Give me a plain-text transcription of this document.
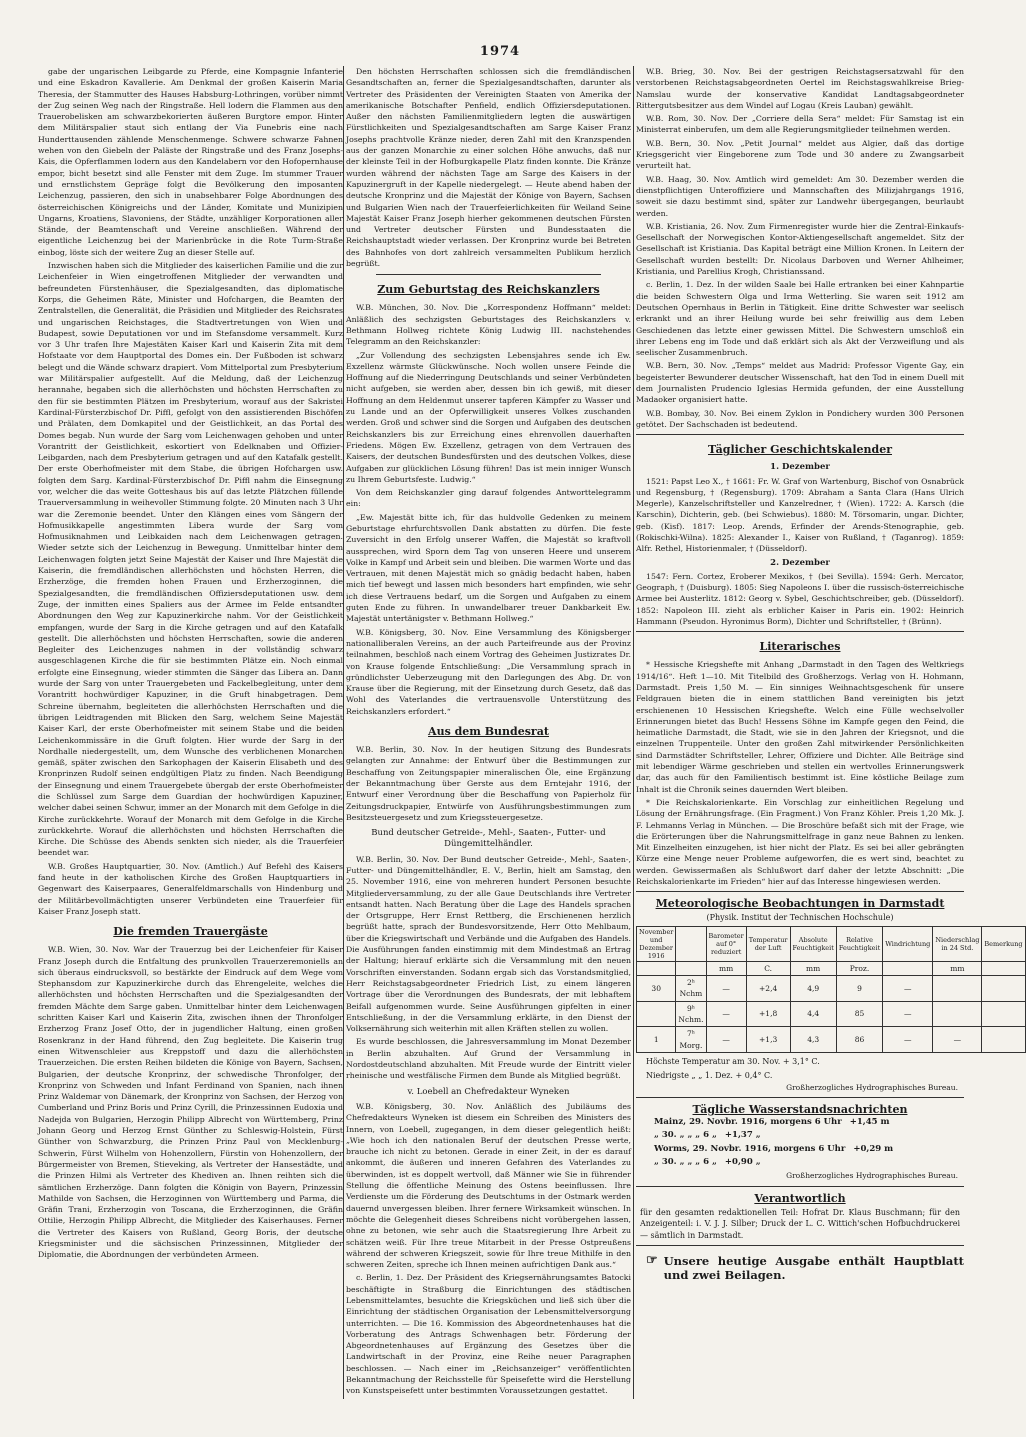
1974

gabe der ungarischen Leibgarde zu Pferde, eine Kompagnie Infanterie und eine Eskadron Kavallerie. Am Denkmal der großen Kaiserin Maria Theresia, der Stammutter des Hauses Habsburg-Lothringen, vorüber nimmt der Zug seinen Weg nach der Ringstraße. Hell lodern die Flammen aus den Trauerobelisken am schwarzbekorierten äußeren Burgtore empor. Hinter dem Militärspalier staut sich entlang der Via Funebris eine nach Hunderttausenden zählende Menschenmenge. Schwere schwarze Fahnen wehen von den Giebeln der Paläste der Ringstraße und des Franz Josephs-Kais, die Opferflammen lodern aus den Kandelabern vor den Hofopernhause empor, bicht besetzt sind alle Fenster mit dem Zuge. Im stummer Trauer und ernstlichstem Gepräge folgt die Bevölkerung den imposanten Leichenzug, passieren, den sich in unabsehbarer Folge Abordnungen des österreichischen Königreichs und der Länder, Komitate und Munizipien Ungarns, Kroatiens, Slavoniens, der Städte, unzähliger Korporationen aller Stände, der Beamtenschaft und Vereine anschließen. Während der eigentliche Leichenzug bei der Marienbrücke in die Rote Turm-Straße einbog, löste sich der weitere Zug an dieser Stelle auf.

Inzwischen haben sich die Mitglieder des kaiserlichen Familie und die zur Leichenfeier in Wien eingetroffenen Mitglieder der verwandten und befreundeten Fürstenhäuser, die Spezialgesandten, das diplomatische Korps, die Geheimen Räte, Minister und Hofchargen, die Beamten der Zentralstellen, die Generalität, die Präsidien und Mitglieder des Reichsrates und ungarischen Reichstages, die Stadtvertretungen von Wien und Budapest, sowie Deputationen vor und im Stefansdome versammelt. Kurz vor 3 Uhr trafen Ihre Majestäten Kaiser Karl und Kaiserin Zita mit dem Hofstaate vor dem Hauptportal des Domes ein. Der Fußboden ist schwarz belegt und die Wände schwarz drapiert. Vom Mittelportal zum Presbyterium war Militärspalier aufgestellt. Auf die Meldung, daß der Leichenzug herannahe, begaben sich die allerhöchsten und höchsten Herrschaften zu den für sie bestimmten Plätzen im Presbyterium, worauf aus der Sakristei Kardinal-Fürsterzbischof Dr. Piffl, gefolgt von den assistierenden Bischöfen und Prälaten, dem Domkapitel und der Geistlichkeit, an das Portal des Domes begab. Nun wurde der Sarg vom Leichenwagen gehoben und unter Vorantritt der Geistlichkeit, eskortiert von Edelknaben und Offizier-Leibgarden, nach dem Presbyterium getragen und auf den Katafalk gestellt. Der erste Oberhofmeister mit dem Stabe, die übrigen Hofchargen usw. folgten dem Sarg. Kardinal-Fürsterzbischof Dr. Piffl nahm die Einsegnung vor, welcher die das weite Gotteshaus bis auf das letzte Plätzchen füllende Trauerversammlung in weihevoller Stimmung folgte. 20 Minuten nach 3 Uhr war die Zeremonie beendet. Unter den Klängen eines vom Sängern der Hofmusikkapelle angestimmten Libera wurde der Sarg vom Hofmusiknahmen und Leibkaiden nach dem Leichenwagen getragen. Wieder setzte sich der Leichenzug in Bewegung. Unmittelbar hinter dem Leichenwagen folgten jetzt Seine Majestät der Kaiser und Ihre Majestät die Kaiserin, die fremdländischen allerhöchsten und höchsten Herren, die Erzherzöge, die fremden hohen Frauen und Erzherzoginnen, die Spezialgesandten, die fremdländischen Offiziersdeputationen usw. dem Zuge, der inmitten eines Spaliers aus der Armee im Felde entsandter Abordnungen den Weg zur Kapuzinerkirche nahm. Vor der Geistlichkeit empfangen, wurde der Sarg in die Kirche getragen und auf den Katafalk gestellt. Die allerhöchsten und höchsten Herrschaften, sowie die anderen Begleiter des Leichenzuges nahmen in der vollständig schwarz ausgeschlagenen Kirche die für sie bestimmten Plätze ein. Noch einmal erfolgte eine Einsegnung, wieder stimmten die Sänger das Libera an. Dann wurde der Sarg von unter Trauergebeten und Fackelbegleitung, unter dem Vorantritt hochwürdiger Kapuziner, in die Gruft hinabgetragen. Dem Schreine übernahm, begleiteten die allerhöchsten Herrschaften und die übrigen Leidtragenden mit Blicken den Sarg, welchem Seine Majestät Kaiser Karl, der erste Oberhofmeister mit seinem Stabe und die beiden Leichenkommissäre in die Gruft folgten. Hier wurde der Sarg in der Nordhalle niedergestellt, um, dem Wunsche des verblichenen Monarchen gemäß, später zwischen den Sarkophagen der Kaiserin Elisabeth und des Kronprinzen Rudolf seinen endgültigen Platz zu finden. Nach Beendigung der Einsegnung und einem Trauergebete übergab der erste Oberhofmeister die Schlüssel zum Sarge dem Guardian der hochwürdigen Kapuziner, welcher dabei seinen Schwur, immer an der Monarch mit dem Gefolge in die Kirche zurückkehrte. Worauf der Monarch mit dem Gefolge in die Kirche zurückkehrte. Worauf die allerhöchsten und höchsten Herrschaften die Kirche. Die Schüsse des Abends senkten sich nieder, als die Trauerfeier beendet war.

W.B. Großes Hauptquartier, 30. Nov. (Amtlich.) Auf Befehl des Kaisers fand heute in der katholischen Kirche des Großen Hauptquartiers in Gegenwart des Kaiserpaares, Generalfeldmarschalls von Hindenburg und der Militärbevollmächtigten unserer Verbündeten eine Trauerfeier für Kaiser Franz Joseph statt.

Die fremden Trauergäste

W.B. Wien, 30. Nov. War der Trauerzug bei der Leichenfeier für Kaiser Franz Joseph durch die Entfaltung des prunkvollen Trauerzeremoniells an sich überaus eindrucksvoll, so bestärkte der Eindruck auf dem Wege vom Stephansdom zur Kapuzinerkirche durch das Ehrengeleite, welches die allerhöchsten und höchsten Herrschaften und die Spezialgesandten der fremden Mächte dem Sarge gaben. Unmittelbar hinter dem Leichenwagen schritten Kaiser Karl und Kaiserin Zita, zwischen ihnen der Thronfolger Erzherzog Franz Josef Otto, der in jugendlicher Haltung, einen großen Rosenkranz in der Hand führend, den Zug begleitete. Die Kaiserin trug einen Witwenschleier aus Kreppstoff und dazu die allerhöchsten Trauerzeichen. Die ersten Reihen bildeten die Könige von Bayern, Sachsen, Bulgarien, der deutsche Kronprinz, der schwedische Thronfolger, der Kronprinz von Schweden und Infant Ferdinand von Spanien, nach ihnen Prinz Waldemar von Dänemark, der Kronprinz von Sachsen, der Herzog von Cumberland und Prinz Boris und Prinz Cyrill, die Prinzessinnen Eudoxia und Nadejda von Bulgarien, Herzogin Philipp Albrecht von Württemberg, Prinz Johann Georg und Herzog Ernst Günther zu Schleswig-Holstein, Fürst Günther von Schwarzburg, die Prinzen Prinz Paul von Mecklenburg-Schwerin, Fürst Wilhelm von Hohenzollern, Fürstin von Hohenzollern, der Bürgermeister von Bremen, Stieveking, als Vertreter der Hansestädte, und die Prinzen Hilmi als Vertreter des Khediven an. Ihnen reihten sich die sämtlichen Erzherzöge. Dann folgten die Königin von Bayern, Prinzessin Mathilde von Sachsen, die Herzoginnen von Württemberg und Parma, die Gräfin Trani, Erzherzogin von Toscana, die Erzherzoginnen, die Gräfin Ottilie, Herzogin Philipp Albrecht, die Mitglieder des Kaiserhauses. Ferner die Vertreter des Kaisers von Rußland, Georg Boris, der deutsche Kriegsminister und die sächsischen Prinzessinnen, Mitglieder der Diplomatie, die Abordnungen der verbündeten Armeen.

Den höchsten Herrschaften schlossen sich die fremdländischen Gesandtschaften an, ferner die Spezialgesandtschaften, darunter als Vertreter des Präsidenten der Vereinigten Staaten von Amerika der amerikanische Botschafter Penfield, endlich Offiziersdeputationen. Außer den nächsten Familienmitgliedern legten die auswärtigen Fürstlichkeiten und Spezialgesandtschaften am Sarge Kaiser Franz Josephs prachtvolle Kränze nieder, deren Zahl mit den Kranzspenden aus der ganzen Monarchie zu einer solchen Höhe anwuchs, daß nur der kleinste Teil in der Hofburgkapelle Platz finden konnte. Die Kränze wurden während der nächsten Tage am Sarge des Kaisers in der Kapuzinergruft in der Kapelle niedergelegt. — Heute abend haben der deutsche Kronprinz und die Majestät der Könige von Bayern, Sachsen und Bulgarien Wien nach der Trauerfeierlichkeiten für Weiland Seine Majestät Kaiser Franz Joseph hierher gekommenen deutschen Fürsten und Vertreter deutscher Fürsten und Bundesstaaten die Reichshauptstadt wieder verlassen. Der Kronprinz wurde bei Betreten des Bahnhofes von dort zahlreich versammelten Publikum herzlich begrüßt.

Zum Geburtstag des Reichskanzlers

W.B. München, 30. Nov. Die „Korrespondenz Hoffmann“ meldet: Anläßlich des sechzigsten Geburtstages des Reichskanzlers v. Bethmann Hollweg richtete König Ludwig III. nachstehendes Telegramm an den Reichskanzler:

„Zur Vollendung des sechzigsten Lebensjahres sende ich Ew. Exzellenz wärmste Glückwünsche. Noch wollen unsere Feinde die Hoffnung auf die Niederringung Deutschlands und seiner Verbündeten nicht aufgeben, sie werden aber, dessen bin ich gewiß, mit dieser Hoffnung an dem Heldenmut unserer tapferen Kämpfer zu Wasser und zu Lande und an der Opferwilligkeit unseres Volkes zuschanden werden. Groß und schwer sind die Sorgen und Aufgaben des deutschen Reichskanzlers bis zur Erreichung eines ehrenvollen dauerhaften Friedens. Mögen Ew. Exzellenz, getragen von dem Vertrauen des Kaisers, der deutschen Bundesfürsten und des deutschen Volkes, diese Aufgaben zur glücklichen Lösung führen! Das ist mein inniger Wunsch zu Ihrem Geburtsfeste. Ludwig.“

Von dem Reichskanzler ging darauf folgendes Antworttelegramm ein:

„Ew. Majestät bitte ich, für das huldvolle Gedenken zu meinem Geburtstage ehrfurchtsvollen Dank abstatten zu dürfen. Die feste Zuversicht in den Erfolg unserer Waffen, die Majestät so kraftvoll aussprechen, wird Sporn dem Tag von unseren Heere und unserem Volke in Kampf und Arbeit sein und bleiben. Die warmen Worte und das Vertrauen, mit denen Majestät mich so gnädig bedacht haben, haben mich tief bewegt und lassen mich besonders hart empfinden, wie sehr ich diese Vertrauens bedarf, um die Sorgen und Aufgaben zu einem guten Ende zu führen. In unwandelbarer treuer Dankbarkeit Ew. Majestät untertänigster v. Bethmann Hollweg.“

W.B. Königsberg, 30. Nov. Eine Versammlung des Königsberger nationalliberalen Vereins, an der auch Parteifreunde aus der Provinz teilnahmen, beschloß nach einem Vortrag des Geheimen Justizrates Dr. von Krause folgende Entschließung: „Die Versammlung sprach in gründlichster Ueberzeugung mit den Darlegungen des Abg. Dr. von Krause über die Regierung, mit der Einsetzung durch Gesetz, daß das Wohl des Vaterlandes die vertrauensvolle Unterstützung des Reichskanzlers erfordert.“

Aus dem Bundesrat

W.B. Berlin, 30. Nov. In der heutigen Sitzung des Bundesrats gelangten zur Annahme: der Entwurf über die Bestimmungen zur Beschaffung von Zeitungspapier mineralischen Öle, eine Ergänzung der Bekanntmachung über Gerste aus dem Erntejahr 1916, der Entwurf einer Verordnung über die Beschaffung von Papierholz für Zeitungsdruckpapier, Entwürfe von Ausführungsbestimmungen zum Besitzsteuergesetz und zum Kriegssteuergesetze.

Bund deutscher Getreide-, Mehl-, Saaten-, Futter- und Düngemittelhändler.

W.B. Berlin, 30. Nov. Der Bund deutscher Getreide-, Mehl-, Saaten-, Futter- und Düngemittelhändler, E. V., Berlin, hielt am Samstag, den 25. November 1916, eine von mehreren hundert Personen besuchte Mitgliederversammlung, zu der alle Gaue Deutschlands ihre Vertreter entsandt hatten. Nach Beratung über die Lage des Handels sprachen der Ortsgruppe, Herr Ernst Rettberg, die Erschienenen herzlich begrüßt hatte, sprach der Bundesvorsitzende, Herr Otto Mehlbaum, über die Kriegswirtschaft und Verbände und die Aufgaben des Handels. Die Ausführungen fanden einstimmig mit dem Mindestmaß an Ertrag der Haltung; hierauf erklärte sich die Versammlung mit den neuen Vorschriften einverstanden. Sodann ergab sich das Vorstandsmitglied, Herr Reichstagsabgeordneter Friedrich List, zu einem längeren Vortrage über die Verordnungen des Bundesrats, der mit lebhaftem Beifall aufgenommen wurde. Seine Ausführungen gipfelten in einer Entschließung, in der die Versammlung erklärte, in den Dienst der Volksernährung sich weiterhin mit allen Kräften stellen zu wollen.

Es wurde beschlossen, die Jahresversammlung im Monat Dezember in Berlin abzuhalten. Auf Grund der Versammlung in Nordostdeutschland abzuhalten. Mit Freude wurde der Eintritt vieler rheinische und westfälische Firmen dem Bunde als Mitglied begrüßt.

v. Loebell an Chefredakteur Wyneken

W.B. Königsberg, 30. Nov. Anläßlich des Jubiläums des Chefredakteurs Wyneken ist diesem ein Schreiben des Ministers des Innern, von Loebell, zugegangen, in dem dieser gelegentlich heißt: „Wie hoch ich den nationalen Beruf der deutschen Presse werte, brauche ich nicht zu betonen. Gerade in einer Zeit, in der es darauf ankommt, die äußeren und inneren Gefahren des Vaterlandes zu überwinden, ist es doppelt wertvoll, daß Männer wie Sie in führender Stellung die öffentliche Meinung des Ostens beeinflussen. Ihre Verdienste um die Förderung des Deutschtums in der Ostmark werden dauernd unvergessen bleiben. Ihrer fernere Wirksamkeit wünschen. In möchte die Gelegenheit dieses Schreibens nicht vorübergehen lassen, ohne zu betonen, wie sehr auch die Staatsregierung Ihre Arbeit zu schätzen weiß. Für Ihre treue Mitarbeit in der Presse Ostpreußens während der schweren Kriegszeit, sowie für Ihre treue Mithilfe in den schweren Zeiten, spreche ich Ihnen meinen aufrichtigen Dank aus.“

c. Berlin, 1. Dez. Der Präsident des Kriegsernährungsamtes Batocki beschäftigte in Straßburg die Einrichtungen des städtischen Lebensmittelamtes, besuchte die Kriegsküchen und ließ sich über die Einrichtung der städtischen Organisation der Lebensmittelversorgung unterrichten. — Die 16. Kommission des Abgeordnetenhauses hat die Vorberatung des Antrags Schwenhagen betr. Förderung der Abgeordnetenhauses auf Ergänzung des Gesetzes über die Landwirtschaft in der Provinz, eine Reihe neuer Paragraphen beschlossen. — Nach einer im „Reichsanzeiger“ veröffentlichten Bekanntmachung der Reichsstelle für Speisefette wird die Herstellung von Kunstspeisefett unter bestimmten Voraussetzungen gestattet.

W.B. Brieg, 30. Nov. Bei der gestrigen Reichstagsersatzwahl für den verstorbenen Reichstagsabgeordneten Oertel im Reichstagswahlkreise Brieg-Namslau wurde der konservative Kandidat Landtagsabgeordneter Rittergutsbesitzer aus dem Windel auf Logau (Kreis Lauban) gewählt.

W.B. Rom, 30. Nov. Der „Corriere della Sera“ meldet: Für Samstag ist ein Ministerrat einberufen, um dem alle Regierungsmitglieder teilnehmen werden.

W.B. Bern, 30. Nov. „Petit Journal“ meldet aus Algier, daß das dortige Kriegsgericht vier Eingeborene zum Tode und 30 andere zu Zwangsarbeit verurteilt hat.

W.B. Haag, 30. Nov. Amtlich wird gemeldet: Am 30. Dezember werden die dienstpflichtigen Unteroffiziere und Mannschaften des Milizjahrgangs 1916, soweit sie dazu bestimmt sind, später zur Landwehr übergegangen, beurlaubt werden.

W.B. Kristiania, 26. Nov. Zum Firmenregister wurde hier die Zentral-Einkaufs-Gesellschaft der Norwegischen Kontor-Aktiengesellschaft angemeldet. Sitz der Gesellschaft ist Kristiania. Das Kapital beträgt eine Million Kronen. In Leitern der Gesellschaft wurden bestellt: Dr. Nicolaus Darboven und Werner Ahlheimer, Kristiania, und Parellius Krogh, Christianssand.

c. Berlin, 1. Dez. In der wilden Saale bei Halle ertranken bei einer Kahnpartie die beiden Schwestern Olga und Irma Wetterling. Sie waren seit 1912 am Deutschen Opernhaus in Berlin in Tätigkeit. Eine dritte Schwester war seelisch erkrankt und an ihrer Heilung wurde bei sehr freiwillig aus dem Leben Geschiedenen das letzte einer gewissen Mittel. Die Schwestern umschloß ein ihrer Lebens eng im Tode und daß erklärt sich als Akt der Verzweiflung und als seelischer Zusammenbruch.

W.B. Bern, 30. Nov. „Temps“ meldet aus Madrid: Professor Vigente Gay, ein begeisterter Bewunderer deutscher Wissenschaft, hat den Tod in einem Duell mit dem Journalisten Prudencio Iglesias Hermida gefunden, der eine Ausstellung Madaoker organisiert hatte.

W.B. Bombay, 30. Nov. Bei einem Zyklon in Pondichery wurden 300 Personen getötet. Der Sachschaden ist bedeutend.

Täglicher Geschichtskalender
1. Dezember

1521: Papst Leo X., † 1661: Fr. W. Graf von Wartenburg, Bischof von Osnabrück und Regensburg, † (Regensburg). 1709: Abraham a Santa Clara (Hans Ulrich Megerle), Kanzelschriftsteller und Kanzelredner, † (Wien). 1722: A. Karsch (die Karschin), Dichterin, geb. (bei Schwiebus). 1880: M. Törsomarin, ungar. Dichter, geb. (Kisf). 1817: Leop. Arends, Erfinder der Arends-Stenographie, geb. (Rokischki-Wilna). 1825: Alexander I., Kaiser von Rußland, † (Taganrog). 1859: Alfr. Rethel, Historienmaler, † (Düsseldorf).

2. Dezember

1547: Fern. Cortez, Eroberer Mexikos, † (bei Sevilla). 1594: Gerh. Mercator, Geograph, † (Duisburg). 1805: Sieg Napoleons I. über die russisch-österreichische Armee bei Austerlitz. 1812: Georg v. Sybel, Geschichtschreiber, geb. (Düsseldorf). 1852: Napoleon III. zieht als erblicher Kaiser in Paris ein. 1902: Heinrich Hammann (Pseudon. Hyronimus Borm), Dichter und Schriftsteller, † (Brünn).

Literarisches

* Hessische Kriegshefte mit Anhang „Darmstadt in den Tagen des Weltkriegs 1914/16“. Heft 1—10. Mit Titelbild des Großherzogs. Verlag von H. Hohmann, Darmstadt. Preis 1,50 M. — Ein sinniges Weihnachtsgeschenk für unsere Feldgrauen bieten die in einem stattlichen Band vereinigten bis jetzt erschienenen 10 Hessischen Kriegshefte. Welch eine Fülle wechselvoller Erinnerungen bietet das Buch! Hessens Söhne im Kampfe gegen den Feind, die heimatliche Darmstadt, die Stadt, wie sie in den Jahren der Kriegsnot, und die einzelnen Truppenteile. Unter den großen Zahl mitwirkender Persönlichkeiten sind Darmstädter Schriftsteller, Lehrer, Offiziere und Dichter. Alle Beiträge sind mit lebendiger Wärme geschrieben und stellen ein wertvolles Erinnerungswerk dar, das auch für den Familientisch bestimmt ist. Eine köstliche Beilage zum Inhalt ist die Chronik seines dauernden Wert bleiben.

* Die Reichskalorienkarte. Ein Vorschlag zur einheitlichen Regelung und Lösung der Ernährungsfrage. (Ein Fragment.) Von Franz Köhler. Preis 1,20 Mk. J. F. Lehmanns Verlag in München. — Die Broschüre befaßt sich mit der Frage, wie die Erörterungen über die Nahrungsmittelfrage in ganz neue Bahnen zu lenken. Mit Einzelheiten einzugehen, ist hier nicht der Platz. Es sei bei aller gebrängten Kürze eine Menge neuer Probleme aufgeworfen, die es wert sind, beachtet zu werden. Gewissermaßen als Schlußwort darf daher der letzte Abschnitt: „Die Reichskalorienkarte im Frieden“ hier auf das Interesse hingewiesen werden.

Meteorologische Beobachtungen in Darmstadt
(Physik. Institut der Technischen Hochschule)
November und Dezember 1916		Barometer auf 0° reduziert	Temperatur der Luft	Absolute Feuchtigkeit	Relative Feuchtigkeit	Windrichtung	Niederschlag in 24 Std.	Bemerkung
		mm	C.	mm	Proz.		mm	
30	2ʰ Nchm	—	+2,4	4,9	9	—		
	9ʰ Nchm.	—	+1,8	4,4	85	—		
1	7ʰ Morg.	—	+1,3	4,3	86	—	—	
Höchste Temperatur am 30. Nov. + 3,1° C.
Niedrigste „ „ 1. Dez. + 0,4° C.
Großherzogliches Hydrographisches Bureau.
Tägliche Wasserstandsnachrichten
Mainz, 29. Novbr. 1916, morgens 6 Uhr +1,45 m
„ 30. „ „ „ 6 „ +1,37 „
Worms, 29. Novbr. 1916, morgens 6 Uhr +0,29 m
„ 30. „ „ „ 6 „ +0,90 „
Großherzogliches Hydrographisches Bureau.
Verantwortlich
für den gesamten redaktionellen Teil: Hofrat Dr. Klaus Buschmann; für den Anzeigenteil: i. V. J. J. Silber; Druck der L. C. Wittich'schen Hofbuchdruckerei — sämtlich in Darmstadt.
☞ Unsere heutige Ausgabe enthält Hauptblatt und zwei Beilagen.
